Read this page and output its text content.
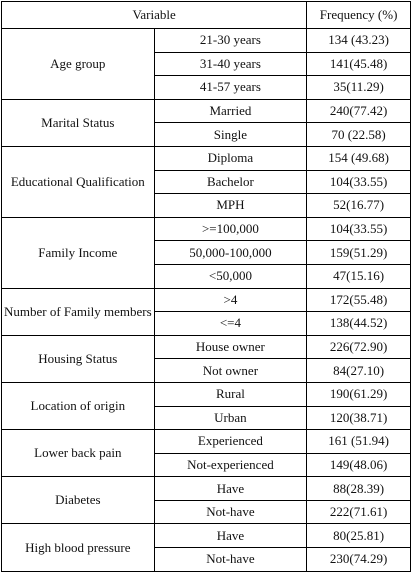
Variable		Frequency (%)
Age group	21-30 years	134 (43.23)
	31-40 years	141(45.48)
	41-57 years	35(11.29)
Marital Status	Married	240(77.42)
	Single	70 (22.58)
Educational Qualification	Diploma	154 (49.68)
	Bachelor	104(33.55)
	MPH	52(16.77)
Family Income	>=100,000	104(33.55)
	50,000-100,000	159(51.29)
	<50,000	47(15.16)
Number of Family members	>4	172(55.48)
	<=4	138(44.52)
Housing Status	House owner	226(72.90)
	Not owner	84(27.10)
Location of origin	Rural	190(61.29)
	Urban	120(38.71)
Lower back pain	Experienced	161 (51.94)
	Not-experienced	149(48.06)
Diabetes	Have	88(28.39)
	Not-have	222(71.61)
High blood pressure	Have	80(25.81)
	Not-have	230(74.29)
